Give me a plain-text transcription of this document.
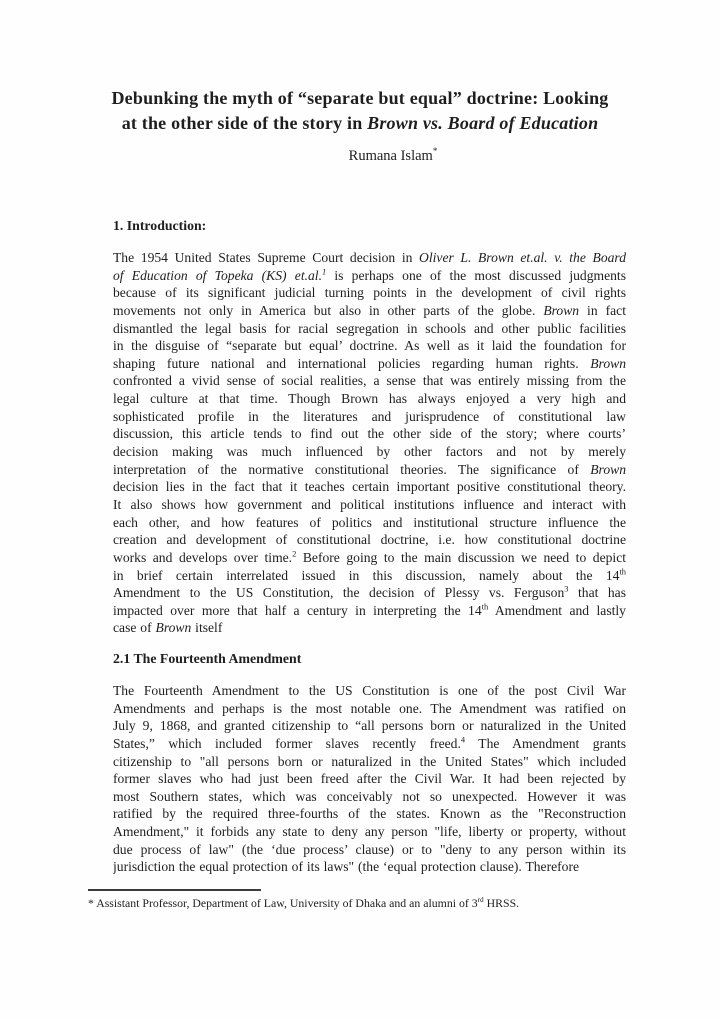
Debunking the myth of “separate but equal” doctrine: Looking
at the other side of the story in Brown vs. Board of Education
Rumana Islam*
1. Introduction:
The 1954 United States Supreme Court decision in Oliver L. Brown et.al. v. the Board
of Education of Topeka (KS) et.al.$^1$ is perhaps one of the most discussed judgments
because of its significant judicial turning points in the development of civil rights
movements not only in America but also in other parts of the globe. Brown in fact
dismantled the legal basis for racial segregation in schools and other public facilities
in the disguise of “separate but equal’ doctrine. As well as it laid the foundation for
shaping future national and international policies regarding human rights. Brown
confronted a vivid sense of social realities, a sense that was entirely missing from the
legal culture at that time. Though Brown has always enjoyed a very high and
sophisticated profile in the literatures and jurisprudence of constitutional law
discussion, this article tends to find out the other side of the story; where courts’
decision making was much influenced by other factors and not by merely
interpretation of the normative constitutional theories. The significance of Brown
decision lies in the fact that it teaches certain important positive constitutional theory.
It also shows how government and political institutions influence and interact with
each other, and how features of politics and institutional structure influence the
creation and development of constitutional doctrine, i.e. how constitutional doctrine
works and develops over time.$^2$ Before going to the main discussion we need to depict
in brief certain interrelated issued in this discussion, namely about the 14th
Amendment to the US Constitution, the decision of Plessy vs. Ferguson$^3$ that has
impacted over more that half a century in interpreting the 14th Amendment and lastly
case of Brown itself
2.1 The Fourteenth Amendment
The Fourteenth Amendment to the US Constitution is one of the post Civil War
Amendments and perhaps is the most notable one. The Amendment was ratified on
July 9, 1868, and granted citizenship to “all persons born or naturalized in the United
States,” which included former slaves recently freed.$^4$ The Amendment grants
citizenship to "all persons born or naturalized in the United States" which included
former slaves who had just been freed after the Civil War. It had been rejected by
most Southern states, which was conceivably not so unexpected. However it was
ratified by the required three-fourths of the states. Known as the "Reconstruction
Amendment," it forbids any state to deny any person "life, liberty or property, without
due process of law" (the ‘due process’ clause) or to "deny to any person within its
jurisdiction the equal protection of its laws" (the ‘equal protection clause). Therefore
* Assistant Professor, Department of Law, University of Dhaka and an alumni of 3rd HRSS.
